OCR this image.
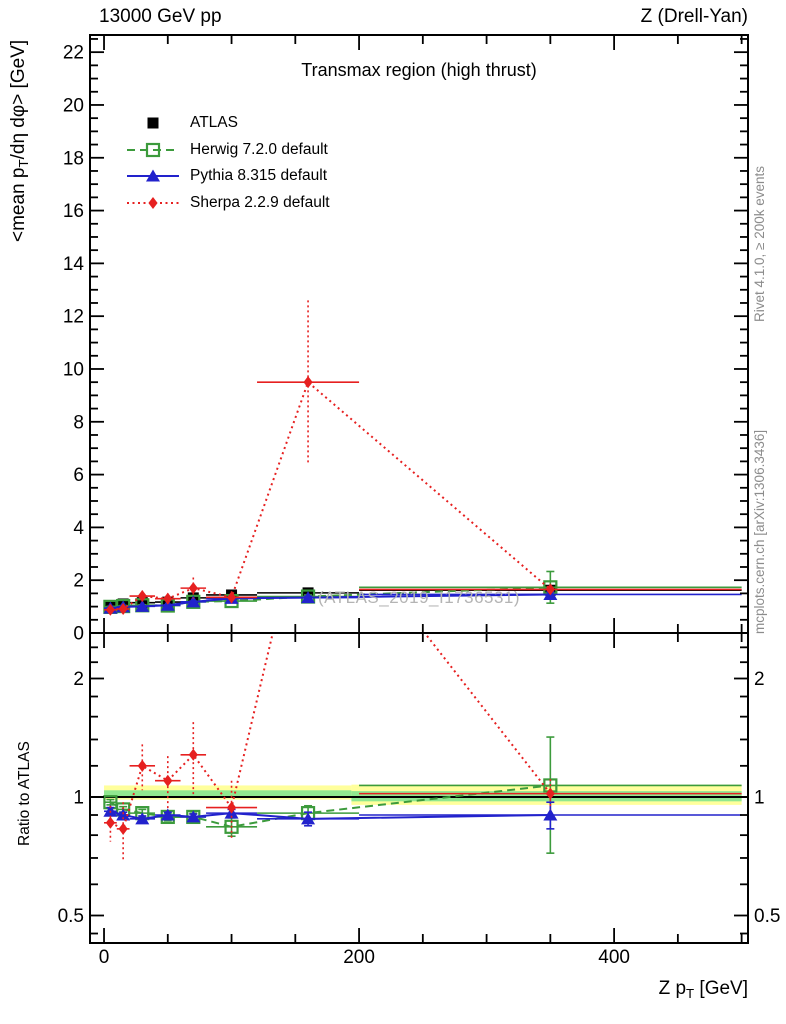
0
2
4
6
8
10
12
14
16
18
20
22
0.5	0.5
1	1
2	2
0	200	400
13000 GeV pp	Z (Drell-Yan)
Transmax region (high thrust)
ATLAS
Herwig 7.2.0 default
Pythia 8.315 default
Sherpa 2.2.9 default
(ATLAS_2019_I1736531)
<mean $p_T/d\eta$ dφ> [GeV]
Ratio to ATLAS
Rivet 4.1.0, ≥ 200k events
mcplots.cern.ch [arXiv:1306.3436]
Z $p_T$ [GeV]
